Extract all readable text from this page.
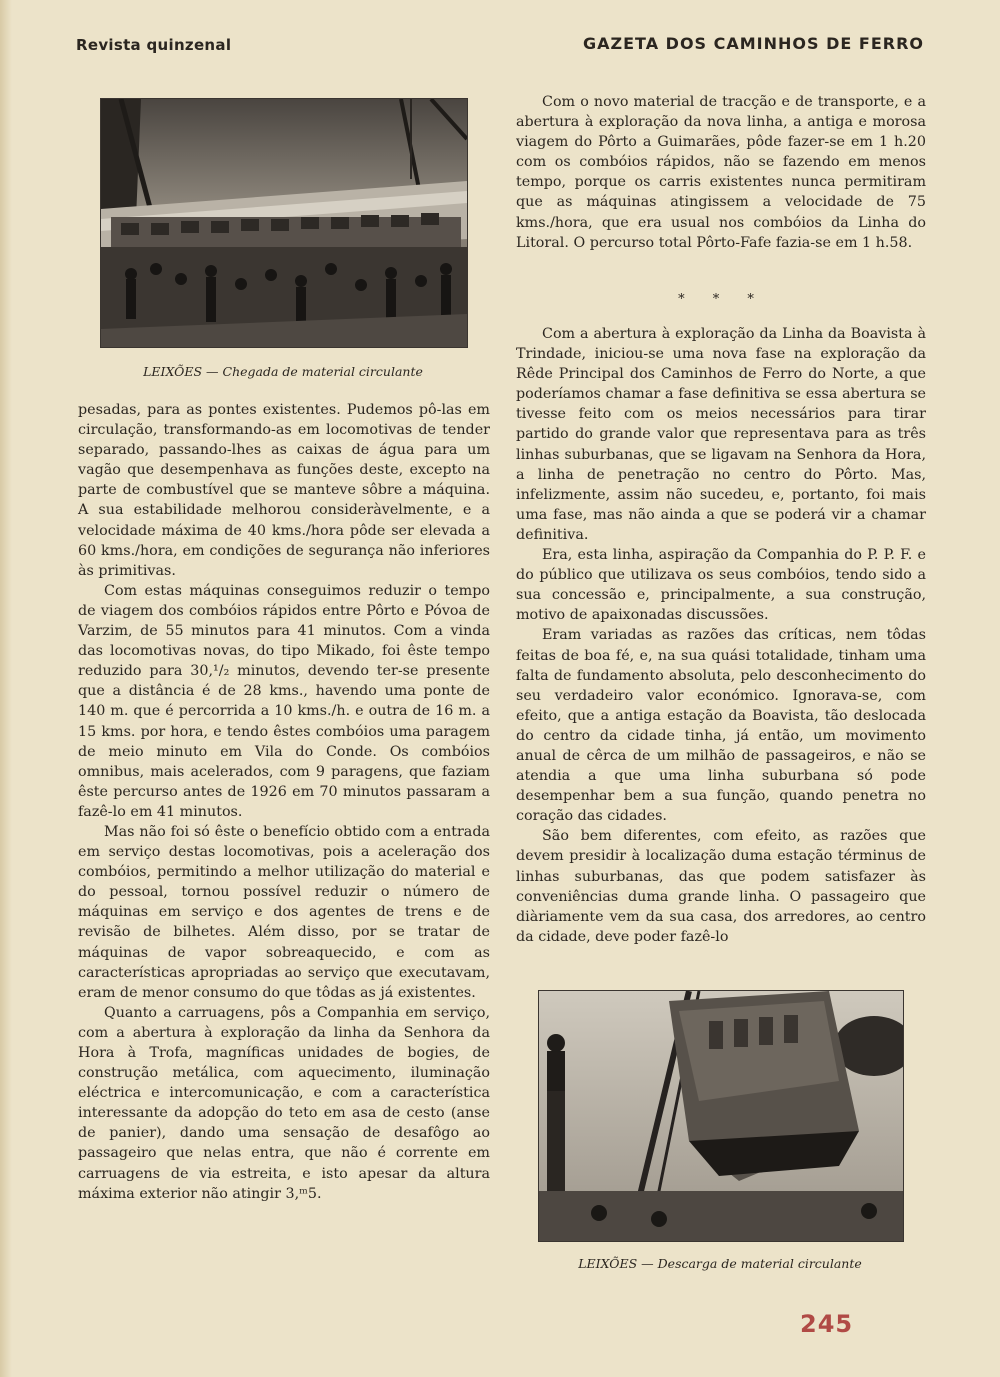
Revista quinzenal	GAZETA DOS CAMINHOS DE FERRO
LEIXÕES — Chegada de material circulante

pesadas, para as pontes existentes. Pudemos pô-las em circulação, transformando-as em locomotivas de tender separado, passando-lhes as caixas de água para um vagão que desempenhava as funções deste, excepto na parte de combustível que se manteve sôbre a máquina. A sua estabilidade melhorou consideràvelmente, e a velocidade máxima de 40 kms./hora pôde ser elevada a 60 kms./hora, em condições de segurança não inferiores às primitivas.

Com estas máquinas conseguimos reduzir o tempo de viagem dos combóios rápidos entre Pôrto e Póvoa de Varzim, de 55 minutos para 41 minutos. Com a vinda das locomotivas novas, do tipo Mikado, foi êste tempo reduzido para 30,¹/₂ minutos, devendo ter-se presente que a distância é de 28 kms., havendo uma ponte de 140 m. que é percorrida a 10 kms./h. e outra de 16 m. a 15 kms. por hora, e tendo êstes combóios uma paragem de meio minuto em Vila do Conde. Os combóios omnibus, mais acelerados, com 9 paragens, que faziam êste percurso antes de 1926 em 70 minutos passaram a fazê-lo em 41 minutos.

Mas não foi só êste o benefício obtido com a entrada em serviço destas locomotivas, pois a aceleração dos combóios, permitindo a melhor utilização do material e do pessoal, tornou possível reduzir o número de máquinas em serviço e dos agentes de trens e de revisão de bilhetes. Além disso, por se tratar de máquinas de vapor sobreaquecido, e com as características apropriadas ao serviço que executavam, eram de menor consumo do que tôdas as já existentes.

Quanto a carruagens, pôs a Companhia em serviço, com a abertura à exploração da linha da Senhora da Hora à Trofa, magníficas unidades de bogies, de construção metálica, com aquecimento, iluminação eléctrica e intercomunicação, e com a característica interessante da adopção do teto em asa de cesto (anse de panier), dando uma sensação de desafôgo ao passageiro que nelas entra, que não é corrente em carruagens de via estreita, e isto apesar da altura máxima exterior não atingir 3,ᵐ5.

Com o novo material de tracção e de transporte, e a abertura à exploração da nova linha, a antiga e morosa viagem do Pôrto a Guimarães, pôde fazer-se em 1 h.20 com os combóios rápidos, não se fazendo em menos tempo, porque os carris existentes nunca permitiram que as máquinas atingissem a velocidade de 75 kms./hora, que era usual nos combóios da Linha do Litoral. O percurso total Pôrto-Fafe fazia-se em 1 h.58.

* * *

Com a abertura à exploração da Linha da Boavista à Trindade, iniciou-se uma nova fase na exploração da Rêde Principal dos Caminhos de Ferro do Norte, a que poderíamos chamar a fase definitiva se essa abertura se tivesse feito com os meios necessários para tirar partido do grande valor que representava para as três linhas suburbanas, que se ligavam na Senhora da Hora, a linha de penetração no centro do Pôrto. Mas, infelizmente, assim não sucedeu, e, portanto, foi mais uma fase, mas não ainda a que se poderá vir a chamar definitiva.

Era, esta linha, aspiração da Companhia do P. P. F. e do público que utilizava os seus combóios, tendo sido a sua concessão e, principalmente, a sua construção, motivo de apaixonadas discussões.

Eram variadas as razões das críticas, nem tôdas feitas de boa fé, e, na sua quási totalidade, tinham uma falta de fundamento absoluta, pelo desconhecimento do seu verdadeiro valor económico. Ignorava-se, com efeito, que a antiga estação da Boavista, tão deslocada do centro da cidade tinha, já então, um movimento anual de cêrca de um milhão de passageiros, e não se atendia a que uma linha suburbana só pode desempenhar bem a sua função, quando penetra no coração das cidades.

São bem diferentes, com efeito, as razões que devem presidir à localização duma estação términus de linhas suburbanas, das que podem satisfazer às conveniências duma grande linha. O passageiro que diàriamente vem da sua casa, dos arredores, ao centro da cidade, deve poder fazê-lo

LEIXÕES — Descarga de material circulante
245
